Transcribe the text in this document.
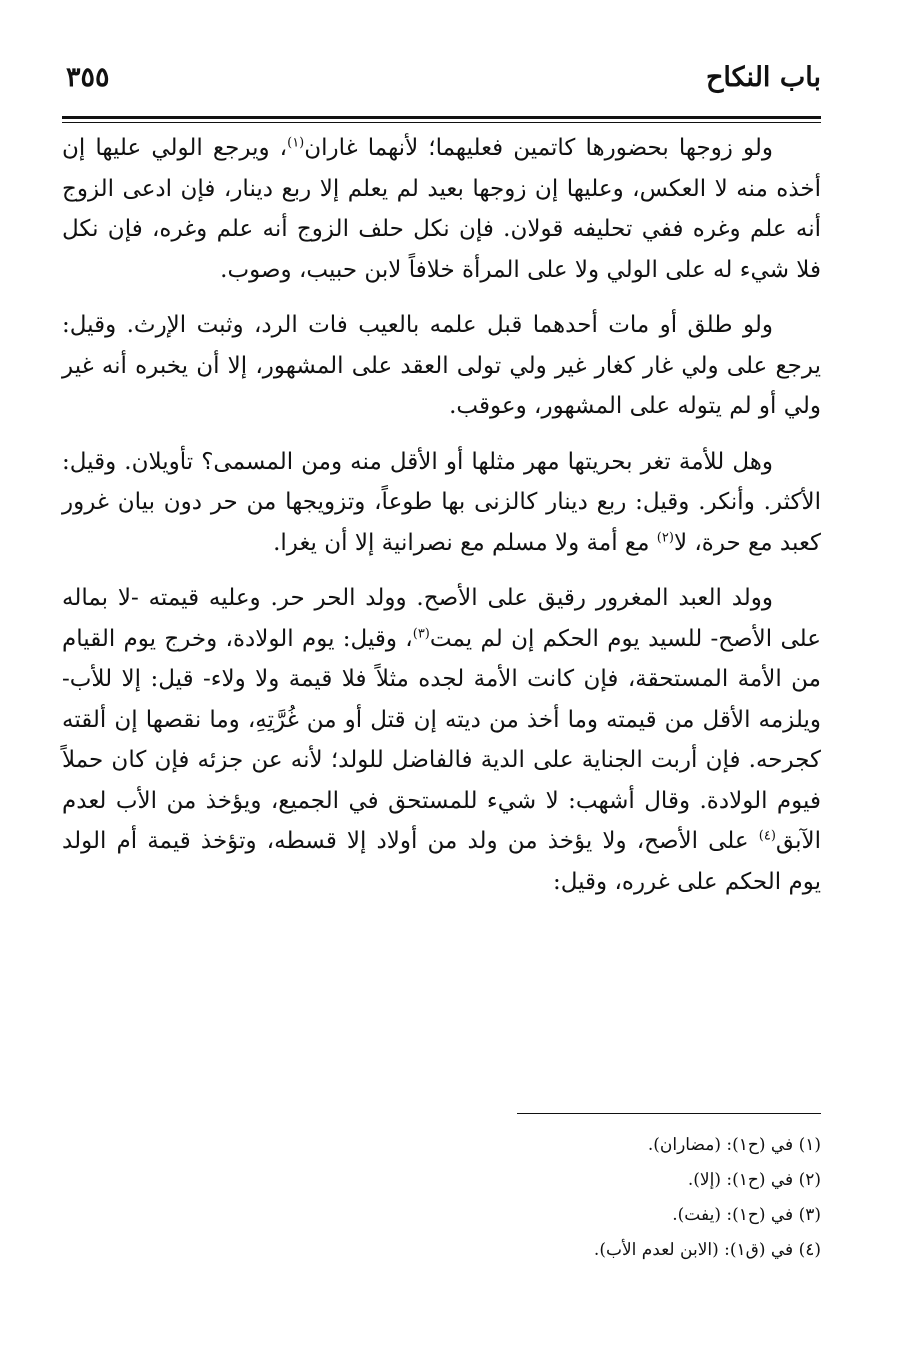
باب النكاح
٣٥٥

ولو زوجها بحضورها كاتمين فعليهما؛ لأنهما غاران$^{(١)}$، ويرجع الولي عليها إن أخذه منه لا العكس، وعليها إن زوجها بعيد لم يعلم إلا ربع دينار، فإن ادعى الزوج أنه علم وغره ففي تحليفه قولان. فإن نكل حلف الزوج أنه علم وغره، فإن نكل فلا شيء له على الولي ولا على المرأة خلافاً لابن حبيب، وصوب.

ولو طلق أو مات أحدهما قبل علمه بالعيب فات الرد، وثبت الإرث. وقيل: يرجع على ولي غار كغار غير ولي تولى العقد على المشهور، إلا أن يخبره أنه غير ولي أو لم يتوله على المشهور، وعوقب.

وهل للأمة تغر بحريتها مهر مثلها أو الأقل منه ومن المسمى؟ تأويلان. وقيل: الأكثر. وأنكر. وقيل: ربع دينار كالزنى بها طوعاً، وتزويجها من حر دون بيان غرور كعبد مع حرة، لا$^{(٢)}$ مع أمة ولا مسلم مع نصرانية إلا أن يغرا.

وولد العبد المغرور رقيق على الأصح. وولد الحر حر. وعليه قيمته -لا بماله على الأصح- للسيد يوم الحكم إن لم يمت$^{(٣)}$، وقيل: يوم الولادة، وخرج يوم القيام من الأمة المستحقة، فإن كانت الأمة لجده مثلاً فلا قيمة ولا ولاء- قيل: إلا للأب- ويلزمه الأقل من قيمته وما أخذ من ديته إن قتل أو من غُرَّتِهِ، وما نقصها إن ألقته كجرحه. فإن أربت الجناية على الدية فالفاضل للولد؛ لأنه عن جزئه فإن كان حملاً فيوم الولادة. وقال أشهب: لا شيء للمستحق في الجميع، ويؤخذ من الأب لعدم الآبق$^{(٤)}$ على الأصح، ولا يؤخذ من ولد من أولاد إلا قسطه، وتؤخذ قيمة أم الولد يوم الحكم على غرره، وقيل:

(١) في (ح١): (مضاران).

(٢) في (ح١): (إلا).

(٣) في (ح١): (يفت).

(٤) في (ق١): (الابن لعدم الأب).
